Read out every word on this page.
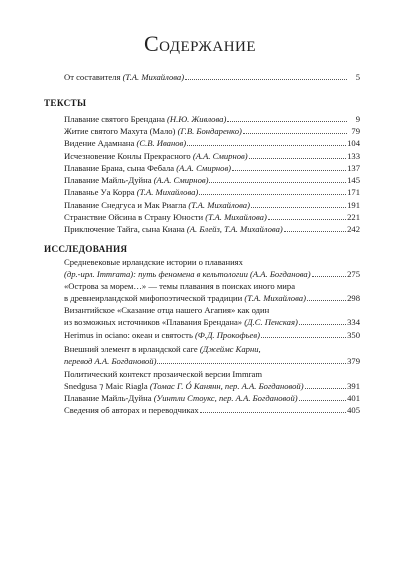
Содержание
От составителя (Т.А. Михайлова)	5
ТЕКСТЫ
Плавание святого Брендана (Н.Ю. Живлова)	9
Житие святого Махута (Мало) (Г.В. Бондаренко)	79
Видение Адамнана (С.В. Иванов)	104
Исчезновение Конлы Прекрасного (А.А. Смирнов)	133
Плавание Брана, сына Фебала (А.А. Смирнов)	137
Плавание Майль-Дуйна (А.А. Смирнов)	145
Плаванье Уа Корра (Т.А. Михайлова)	171
Плавание Снедгуса и Мак Риагла (Т.А. Михайлова)	191
Странствие Ойсина в Страну Юности (Т.А. Михайлова)	221
Приключение Тайга, сына Киана (А. Блейз, Т.А. Михайлова)	242
ИССЛЕДОВАНИЯ
Средневековые ирландские истории о плаваниях
(др.-ирл. Immrama): путь феномена в кельтологии (А.А. Богданова)	275
«Острова за морем…» — темы плавания в поисках иного мира
в древнеирландской мифопоэтической традиции (Т.А. Михайлова)	298
Византийское «Сказание отца нашего Агапия» как один
из возможных источников «Плавания Брендана» (Д.С. Пенская)	334
Herimus in ociano: океан и святость (Ф.Д. Прокофьев)	350
Внешний элемент в ирландской саге (Джеймс Карни,
перевод А.А. Богдановой)	379
Политический контекст прозаической версии Immram
Snedgusa ⁊ Maic Riagla (Томас Г. Ó Канянн, пер. А.А. Богдановой)	391
Плавание Майль-Дуйна (Уинтли Стоукс, пер. А.А. Богдановой)	401
Сведения об авторах и переводчиках	405
